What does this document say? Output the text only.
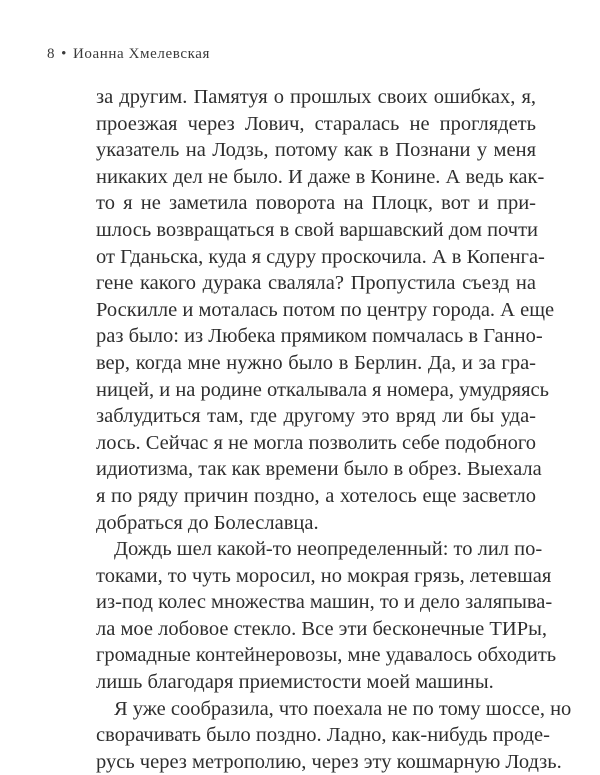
8 • Иоанна Хмелевская
за другим. Памятуя о прошлых своих ошибках, я,
проезжая через Лович, старалась не проглядеть
указатель на Лодзь, потому как в Познани у меня
никаких дел не было. И даже в Конине. А ведь как-
то я не заметила поворота на Плоцк, вот и при-
шлось возвращаться в свой варшавский дом почти
от Гданьска, куда я сдуру проскочила. А в Копенга-
гене какого дурака сваляла? Пропустила съезд на
Роскилле и моталась потом по центру города. А еще
раз было: из Любека прямиком помчалась в Ганно-
вер, когда мне нужно было в Берлин. Да, и за гра-
ницей, и на родине откалывала я номера, умудряясь
заблудиться там, где другому это вряд ли бы уда-
лось. Сейчас я не могла позволить себе подобного
идиотизма, так как времени было в обрез. Выехала
я по ряду причин поздно, а хотелось еще засветло
добраться до Болеславца.
Дождь шел какой-то неопределенный: то лил по-
токами, то чуть моросил, но мокрая грязь, летевшая
из-под колес множества машин, то и дело заляпыва-
ла мое лобовое стекло. Все эти бесконечные ТИРы,
громадные контейнеровозы, мне удавалось обходить
лишь благодаря приемистости моей машины.
Я уже сообразила, что поехала не по тому шоссе, но
сворачивать было поздно. Ладно, как-нибудь проде-
русь через метрополию, через эту кошмарную Лодзь.
